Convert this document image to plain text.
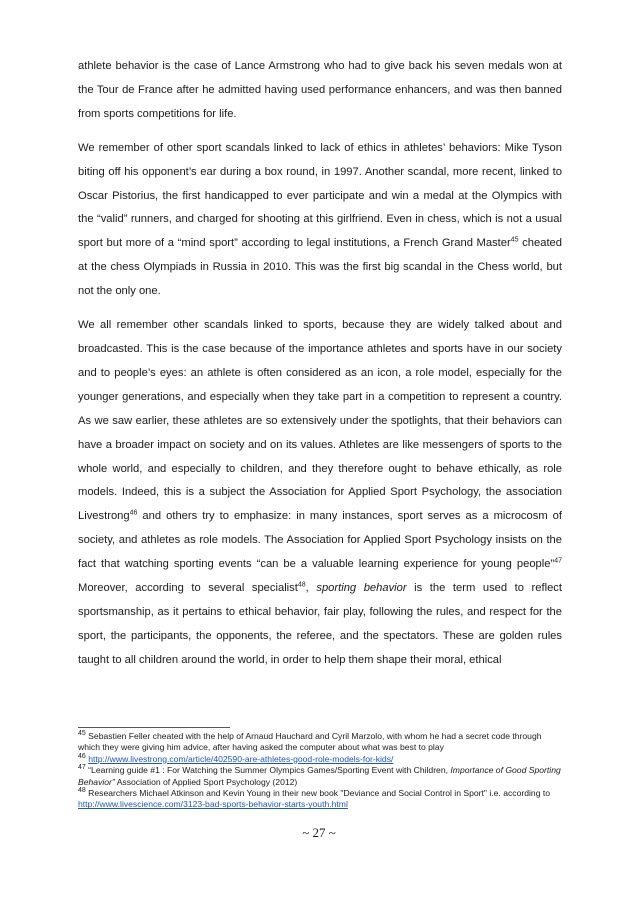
athlete behavior is the case of Lance Armstrong who had to give back his seven medals won at the Tour de France after he admitted having used performance enhancers, and was then banned from sports competitions for life.

We remember of other sport scandals linked to lack of ethics in athletes’ behaviors: Mike Tyson biting off his opponent’s ear during a box round, in 1997. Another scandal, more recent, linked to Oscar Pistorius, the first handicapped to ever participate and win a medal at the Olympics with the “valid” runners, and charged for shooting at this girlfriend. Even in chess, which is not a usual sport but more of a “mind sport” according to legal institutions, a French Grand Master$^{45}$ cheated at the chess Olympiads in Russia in 2010. This was the first big scandal in the Chess world, but not the only one.

We all remember other scandals linked to sports, because they are widely talked about and broadcasted. This is the case because of the importance athletes and sports have in our society and to people’s eyes: an athlete is often considered as an icon, a role model, especially for the younger generations, and especially when they take part in a competition to represent a country. As we saw earlier, these athletes are so extensively under the spotlights, that their behaviors can have a broader impact on society and on its values. Athletes are like messengers of sports to the whole world, and especially to children, and they therefore ought to behave ethically, as role models. Indeed, this is a subject the Association for Applied Sport Psychology, the association Livestrong$^{46}$ and others try to emphasize: in many instances, sport serves as a microcosm of society, and athletes as role models. The Association for Applied Sport Psychology insists on the fact that watching sporting events “can be a valuable learning experience for young people”$^{47}$ Moreover, according to several specialist$^{48}$, sporting behavior is the term used to reflect sportsmanship, as it pertains to ethical behavior, fair play, following the rules, and respect for the sport, the participants, the opponents, the referee, and the spectators. These are golden rules taught to all children around the world, in order to help them shape their moral, ethical

$^{45}$ Sebastien Feller cheated with the help of Arnaud Hauchard and Cyril Marzolo, with whom he had a secret code through which they were giving him advice, after having asked the computer about what was best to play

$^{46}$ http://www.livestrong.com/article/402590-are-athletes-good-role-models-for-kids/

$^{47}$ “Learning guide #1 : For Watching the Summer Olympics Games/Sporting Event with Children, Importance of Good Sporting Behavior” Association of Applied Sport Psychology (2012)

$^{48}$ Researchers Michael Atkinson and Kevin Young in their new book "Deviance and Social Control in Sport" i.e. according to http://www.livescience.com/3123-bad-sports-behavior-starts-youth.html

~ 27 ~
